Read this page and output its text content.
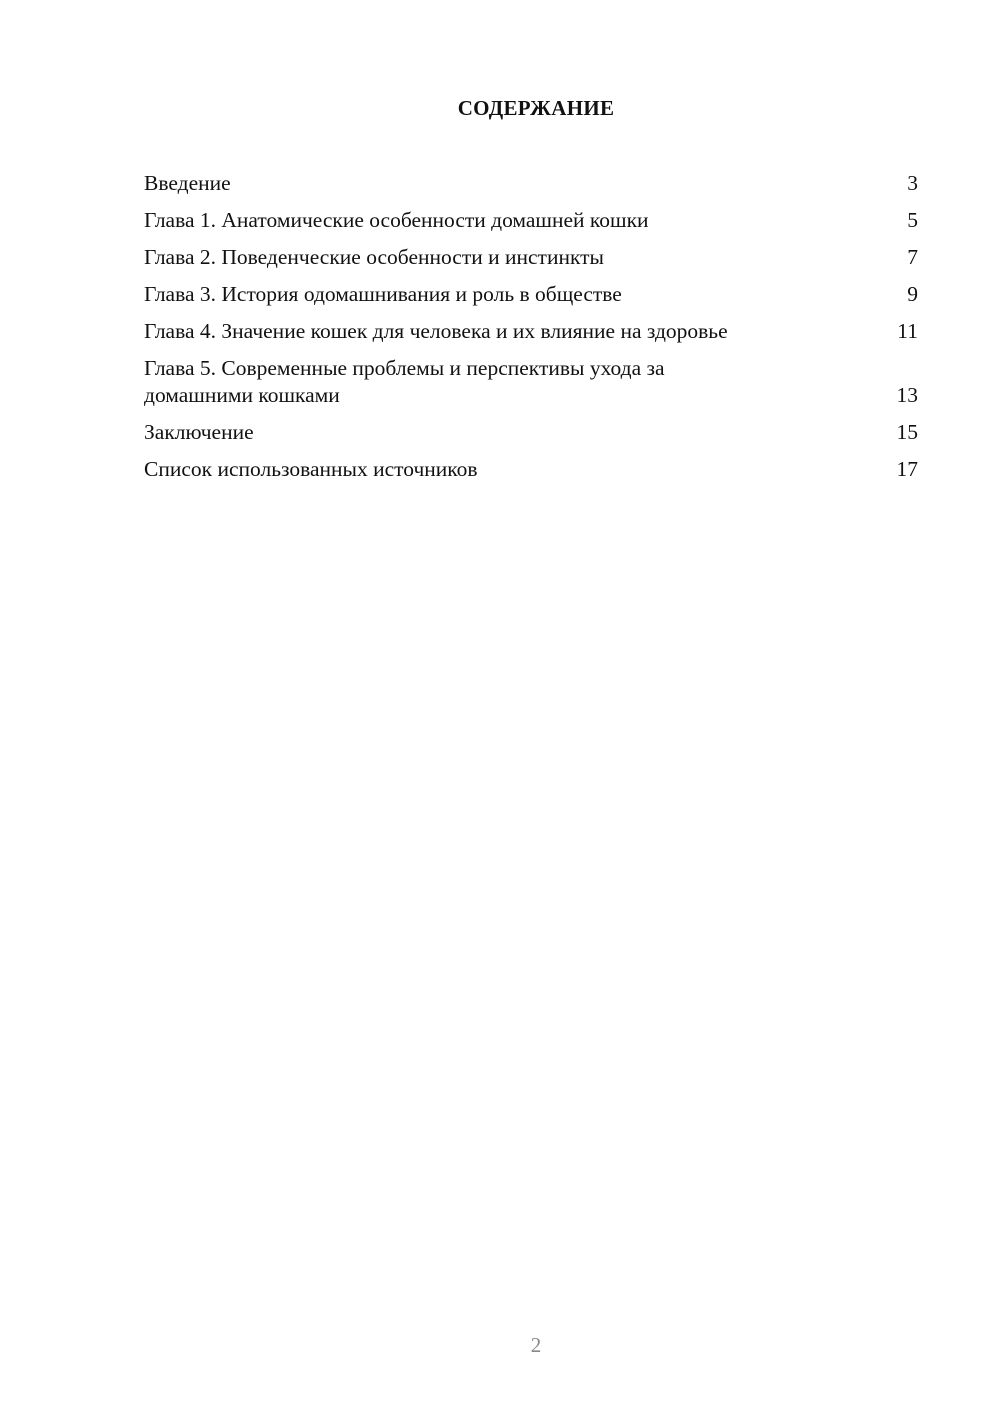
СОДЕРЖАНИЕ
Введение	3
Глава 1. Анатомические особенности домашней кошки	5
Глава 2. Поведенческие особенности и инстинкты	7
Глава 3. История одомашнивания и роль в обществе	9
Глава 4. Значение кошек для человека и их влияние на здоровье	11
Глава 5. Современные проблемы и перспективы ухода за домашними кошками	13
Заключение	15
Список использованных источников	17
2
